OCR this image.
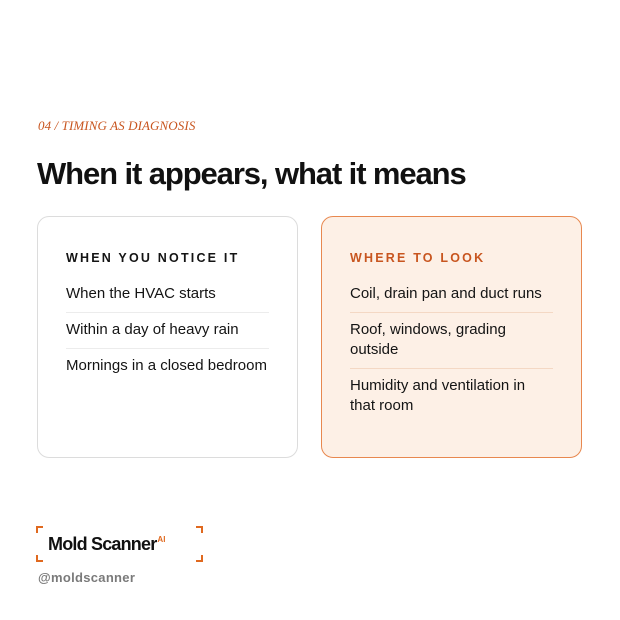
04 / TIMING AS DIAGNOSIS
When it appears, what it means
WHEN YOU NOTICE IT
When the HVAC starts
Within a day of heavy rain
Mornings in a closed bedroom
WHERE TO LOOK
Coil, drain pan and duct runs
Roof, windows, grading outside
Humidity and ventilation in that room
Mold Scanner$^{AI}$
@moldscanner
